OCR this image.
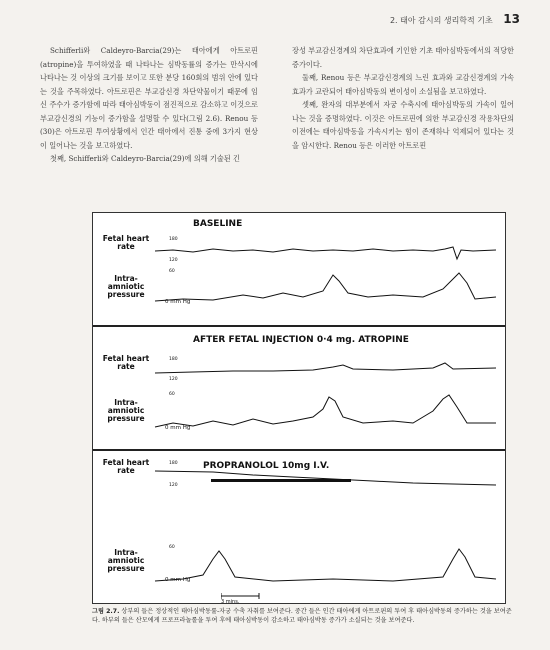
2. 태아 감시의 생리학적 기초 13

Schifferli와 Caldeyro-Barcia(29)는 태아에게 아트로핀(atropine)을 투여하였을 때 나타나는 심박동률의 증가는 만삭시에 나타나는 것 이상의 크기를 보이고 또한 분당 160회의 범위 안에 있다는 것을 주목하였다. 아트로핀은 부교감신경 차단약물이기 때문에 임신 주수가 증가함에 따라 태아심박동이 점진적으로 감소하고 이것으로 부교감신경의 기능이 증가함을 설명할 수 있다(그림 2.6). Renou 등(30)은 아트로핀 투여상황에서 인간 태아에서 진통 중에 3가지 현상이 일어나는 것을 보고하였다.

첫째, Schifferli와 Caldeyro-Barcia(29)에 의해 기술된 긴

장성 부교감신경계의 차단효과에 기인한 기초 태아심박동에서의 적당한 증가이다.

둘째, Renou 등은 부교감신경계의 느린 효과와 교감신경계의 가속 효과가 교란되어 태아심박동의 변이성이 소실됨을 보고하였다.

셋째, 완자의 대부분에서 자궁 수축시에 태아심박동의 가속이 일어나는 것을 증명하였다. 이것은 아트로핀에 의한 부교감신경 작용차단의 이전에는 태아심박동을 가속시키는 힘이 존재하나 억제되어 있다는 것을 암시한다. Renou 등은 이러한 아트로핀

BASELINE
Fetal heart rate
180
120
Intra-amniotic pressure
60
0 mm Hg
AFTER FETAL INJECTION 0·4 mg. ATROPINE
Fetal heart rate
180
120
Intra-amniotic pressure
60
0 mm Hg
PROPRANOLOL 10mg I.V.
Fetal heart rate
180
120
Intra-amniotic pressure
60
0 mm Hg
3 mins.
그림 2.7. 상부의 들은 정상적인 태아심박동률-자궁 수축 자취를 보여준다. 중간 들은 인간 태아에게 아트로핀의 투여 후 태아심박동의 증가하는 것을 보여준다. 하부의 들은 산모에게 프로프라놀롤을 투여 후에 태아심박동이 감소하고 태아심박동 증가가 소실되는 것을 보여준다.
